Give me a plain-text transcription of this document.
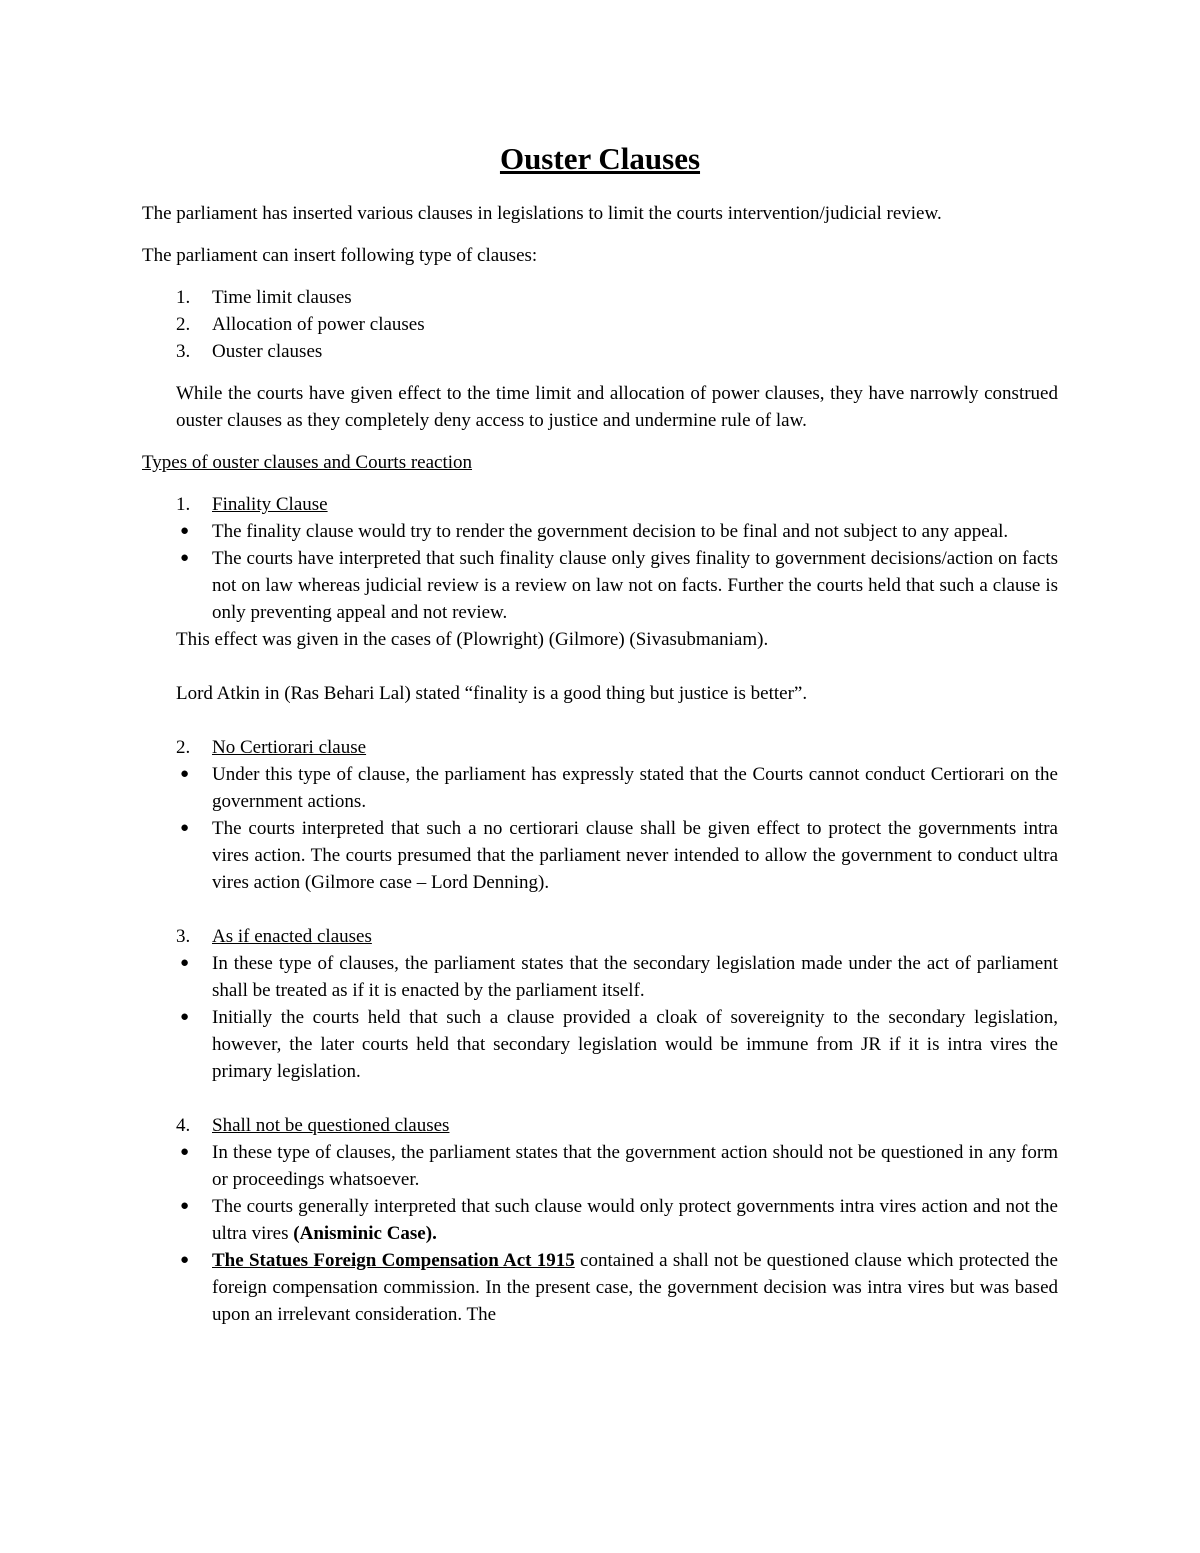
Ouster Clauses

The parliament has inserted various clauses in legislations to limit the courts intervention/judicial review.

The parliament can insert following type of clauses:

1. Time limit clauses
2. Allocation of power clauses
3. Ouster clauses

While the courts have given effect to the time limit and allocation of power clauses, they have narrowly construed ouster clauses as they completely deny access to justice and undermine rule of law.

Types of ouster clauses and Courts reaction

1. Finality Clause
● The finality clause would try to render the government decision to be final and not subject to any appeal.
● The courts have interpreted that such finality clause only gives finality to government decisions/action on facts not on law whereas judicial review is a review on law not on facts. Further the courts held that such a clause is only preventing appeal and not review.
This effect was given in the cases of (Plowright) (Gilmore) (Sivasubmaniam).
Lord Atkin in (Ras Behari Lal) stated “finality is a good thing but justice is better”.
2. No Certiorari clause
● Under this type of clause, the parliament has expressly stated that the Courts cannot conduct Certiorari on the government actions.
● The courts interpreted that such a no certiorari clause shall be given effect to protect the governments intra vires action. The courts presumed that the parliament never intended to allow the government to conduct ultra vires action (Gilmore case – Lord Denning).
3. As if enacted clauses
● In these type of clauses, the parliament states that the secondary legislation made under the act of parliament shall be treated as if it is enacted by the parliament itself.
● Initially the courts held that such a clause provided a cloak of sovereignity to the secondary legislation, however, the later courts held that secondary legislation would be immune from JR if it is intra vires the primary legislation.
4. Shall not be questioned clauses
● In these type of clauses, the parliament states that the government action should not be questioned in any form or proceedings whatsoever.
● The courts generally interpreted that such clause would only protect governments intra vires action and not the ultra vires (Anisminic Case).
● The Statues Foreign Compensation Act 1915 contained a shall not be questioned clause which protected the foreign compensation commission. In the present case, the government decision was intra vires but was based upon an irrelevant consideration. The
